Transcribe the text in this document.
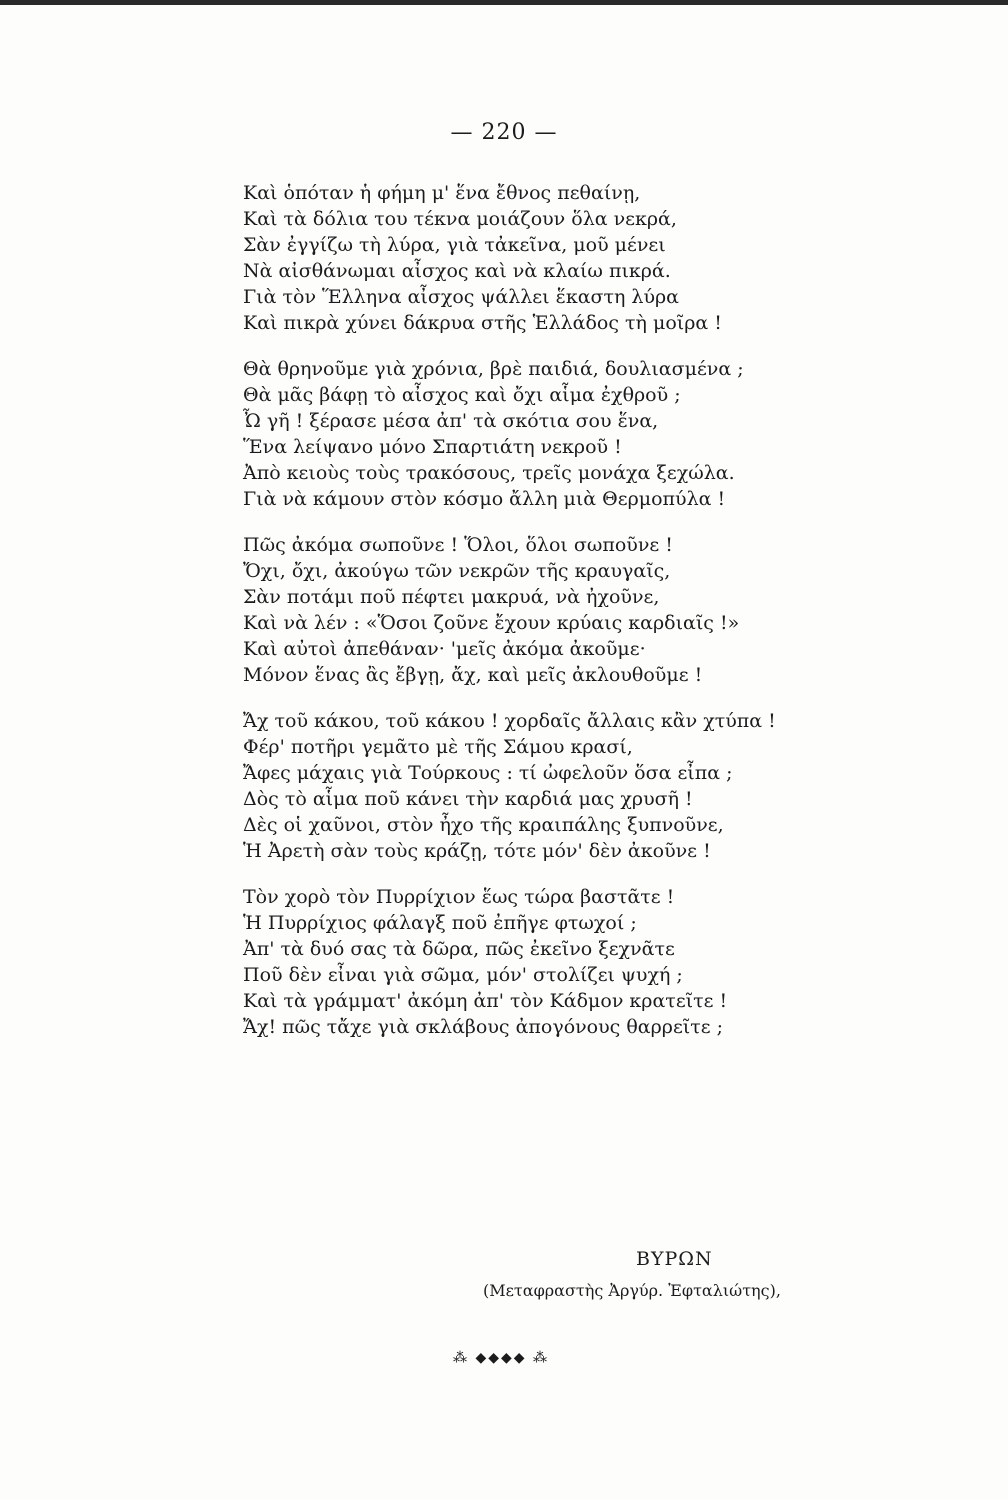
— 220 —
Καὶ ὁπόταν ἡ φήμη μ' ἕνα ἔθνος πεθαίνῃ,
Καὶ τὰ δόλια του τέκνα μοιάζουν ὅλα νεκρά,
Σὰν ἐγγίζω τὴ λύρα, γιὰ τἀκεῖνα, μοῦ μένει
Νὰ αἰσθάνωμαι αἶσχος καὶ νὰ κλαίω πικρά.
Γιὰ τὸν Ἕλληνα αἶσχος ψάλλει ἕκαστη λύρα
Καὶ πικρὰ χύνει δάκρυα στῆς Ἑλλάδος τὴ μοῖρα !
Θὰ θρηνοῦμε γιὰ χρόνια, βρὲ παιδιά, δουλιασμένα ;
Θὰ μᾶς βάφῃ τὸ αἶσχος καὶ ὄχι αἷμα ἐχθροῦ ;
Ὦ γῆ ! ξέρασε μέσα ἀπ' τὰ σκότια σου ἕνα,
Ἕνα λείψανο μόνο Σπαρτιάτη νεκροῦ !
Ἀπὸ κειοὺς τοὺς τρακόσους, τρεῖς μονάχα ξεχώλα.
Γιὰ νὰ κάμουν στὸν κόσμο ἄλλη μιὰ Θερμοπύλα !
Πῶς ἀκόμα σωποῦνε ! Ὅλοι, ὅλοι σωποῦνε !
Ὄχι, ὄχι, ἀκούγω τῶν νεκρῶν τῆς κραυγαῖς,
Σὰν ποτάμι ποῦ πέφτει μακρυά, νὰ ἠχοῦνε,
Καὶ νὰ λέν : «Ὅσοι ζοῦνε ἔχουν κρύαις καρδιαῖς !»
Καὶ αὐτοὶ ἀπεθάναν· 'μεῖς ἀκόμα ἀκοῦμε·
Μόνον ἕνας ἂς ἔβγῃ, ἄχ, καὶ μεῖς ἀκλουθοῦμε !
Ἄχ τοῦ κάκου, τοῦ κάκου ! χορδαῖς ἄλλαις κἂν χτύπα !
Φέρ' ποτῆρι γεμᾶτο μὲ τῆς Σάμου κρασί,
Ἄφες μάχαις γιὰ Τούρκους : τί ὠφελοῦν ὅσα εἶπα ;
Δὸς τὸ αἷμα ποῦ κάνει τὴν καρδιά μας χρυσῆ !
Δὲς οἱ χαῦνοι, στὸν ἦχο τῆς κραιπάλης ξυπνοῦνε,
Ἡ Ἀρετὴ σὰν τοὺς κράζῃ, τότε μόν' δὲν ἀκοῦνε !
Τὸν χορὸ τὸν Πυρρίχιον ἕως τώρα βαστᾶτε !
Ἡ Πυρρίχιος φάλαγξ ποῦ ἐπῆγε φτωχοί ;
Ἀπ' τὰ δυό σας τὰ δῶρα, πῶς ἐκεῖνο ξεχνᾶτε
Ποῦ δὲν εἶναι γιὰ σῶμα, μόν' στολίζει ψυχή ;
Καὶ τὰ γράμματ' ἀκόμη ἀπ' τὸν Κάδμον κρατεῖτε !
Ἄχ! πῶς τἄχε γιὰ σκλάβους ἀπογόνους θαρρεῖτε ;
ΒΥΡΩΝ
(Μεταφραστὴς Ἀργύρ. Ἐφταλιώτης),
⁂ ◆◆◆◆ ⁂
